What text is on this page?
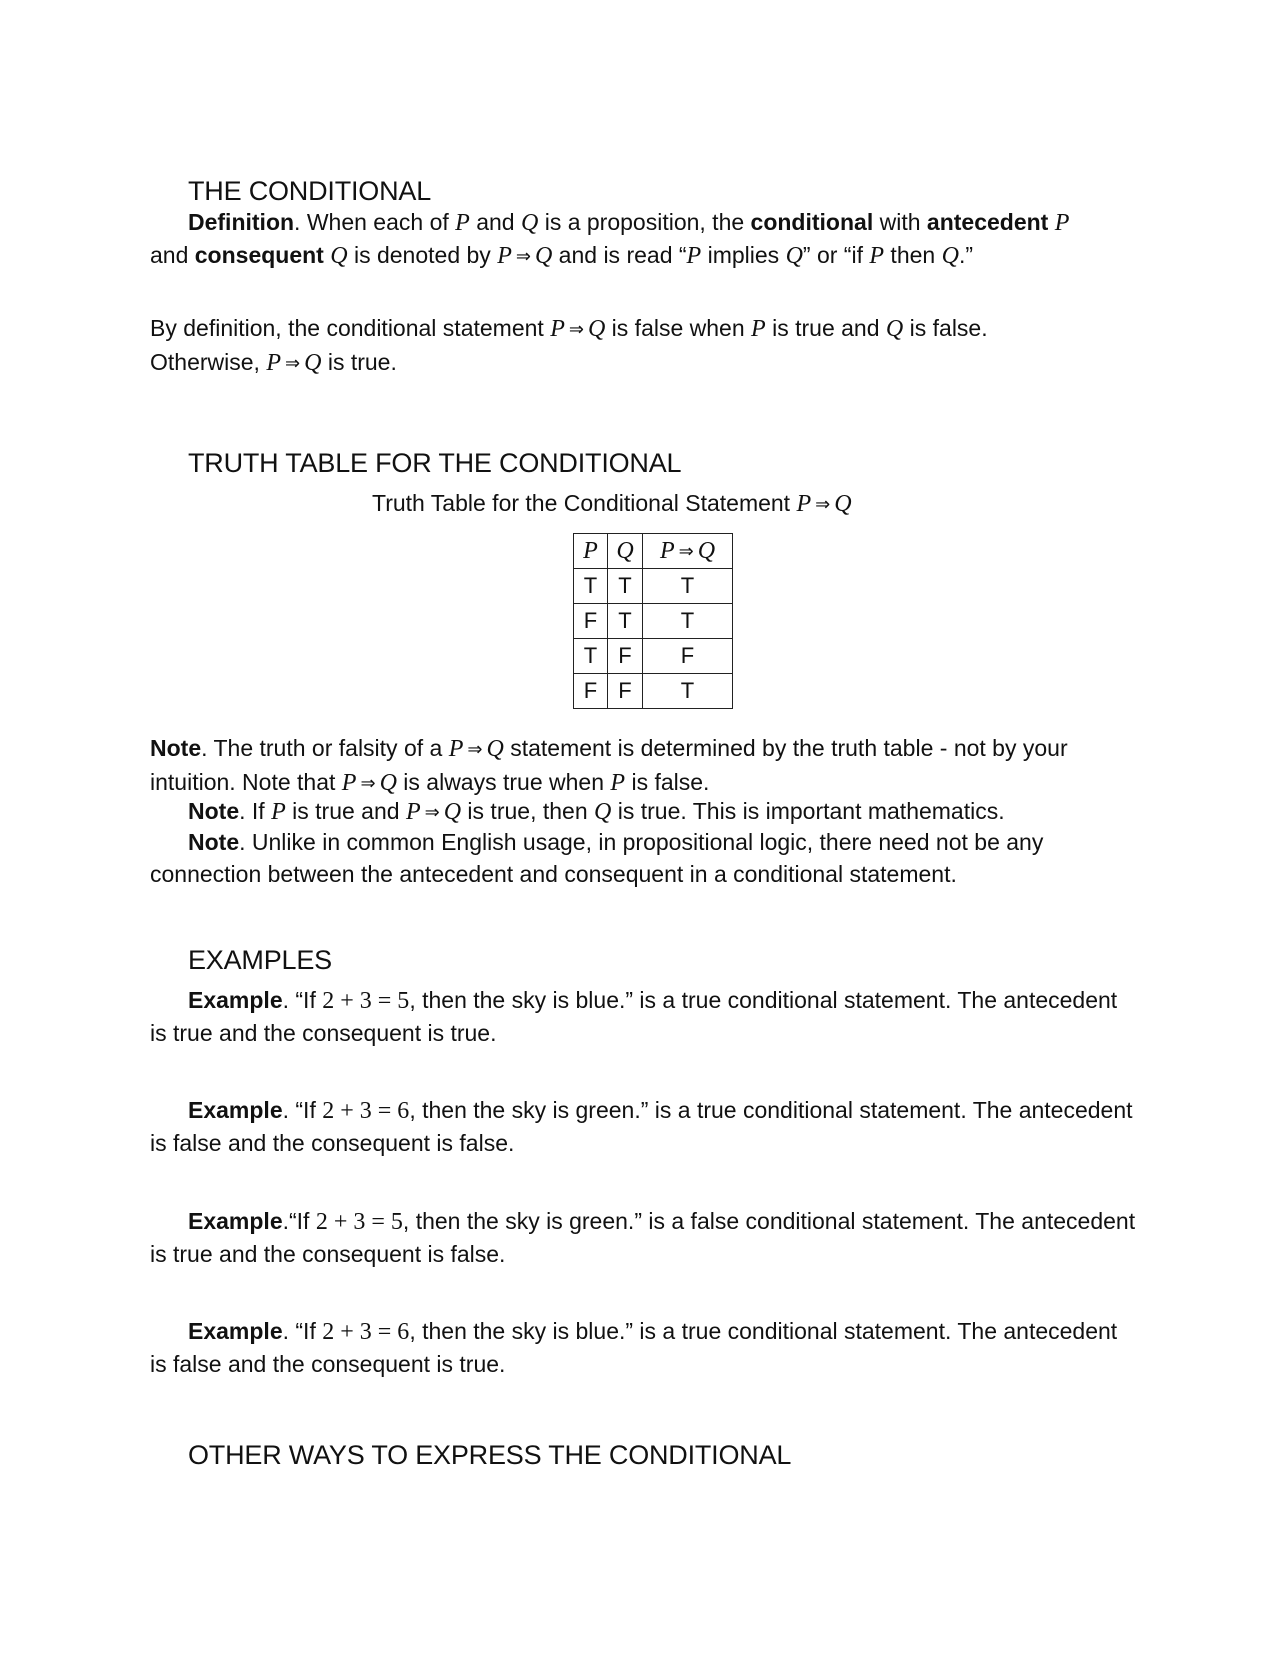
THE CONDITIONAL

Definition. When each of P and Q is a proposition, the conditional with antecedent P
and consequent Q is denoted by P ⇒ Q and is read “P implies Q” or “if P then Q.”

By definition, the conditional statement P ⇒ Q is false when P is true and Q is false.
Otherwise, P ⇒ Q is true.

TRUTH TABLE FOR THE CONDITIONAL
Truth Table for the Conditional Statement P ⇒ Q
P	Q	P ⇒ Q
T	T	T
F	T	T
T	F	F
F	F	T

Note. The truth or falsity of a P ⇒ Q statement is determined by the truth table - not by your intuition. Note that P ⇒ Q is always true when P is false.

Note. If P is true and P ⇒ Q is true, then Q is true. This is important mathematics.

Note. Unlike in common English usage, in propositional logic, there need not be any connection between the antecedent and consequent in a conditional statement.

EXAMPLES

Example. “If 2 + 3 = 5, then the sky is blue.” is a true conditional statement. The antecedent is true and the consequent is true.

Example. “If 2 + 3 = 6, then the sky is green.” is a true conditional statement. The antecedent is false and the consequent is false.

Example.“If 2 + 3 = 5, then the sky is green.” is a false conditional statement. The antecedent is true and the consequent is false.

Example. “If 2 + 3 = 6, then the sky is blue.” is a true conditional statement. The antecedent is false and the consequent is true.

OTHER WAYS TO EXPRESS THE CONDITIONAL
